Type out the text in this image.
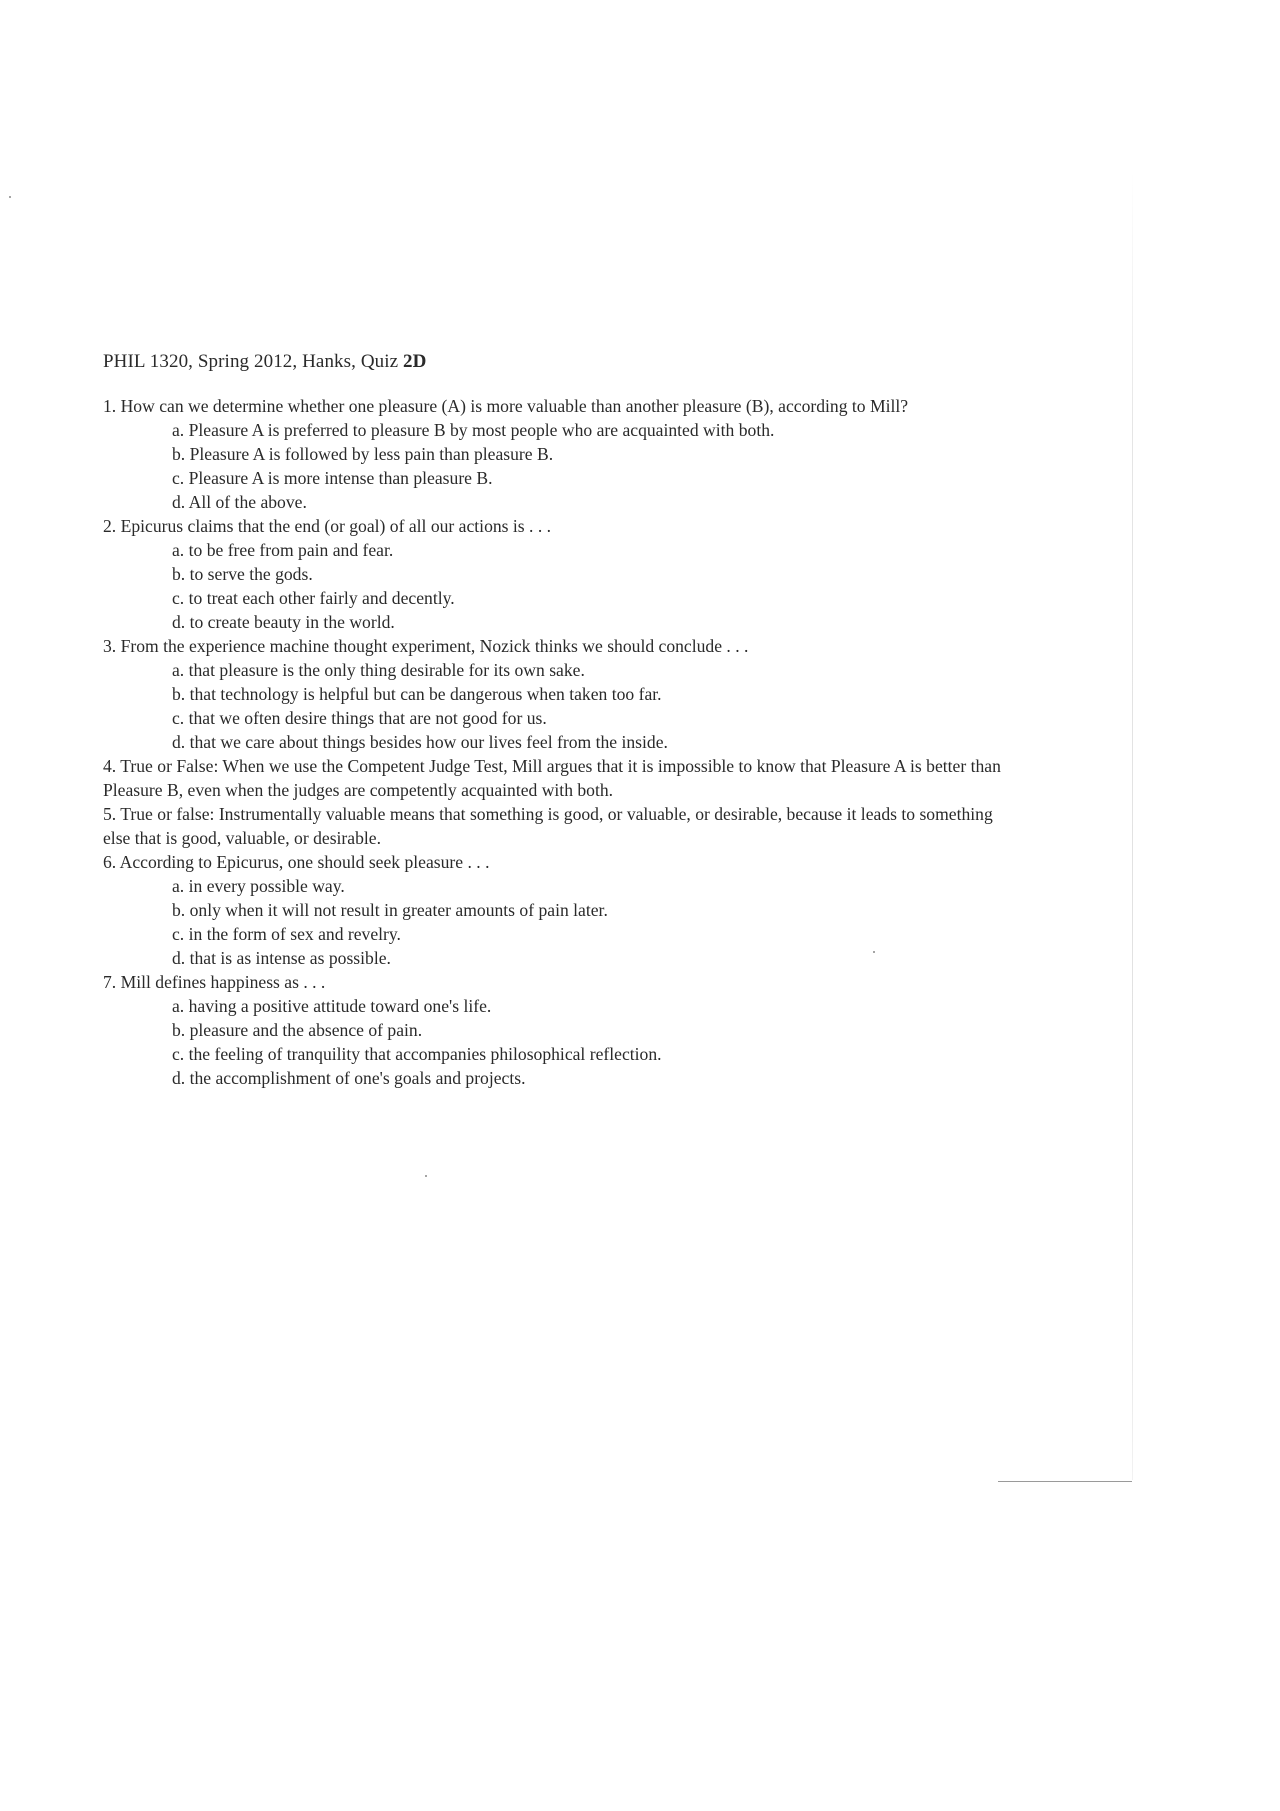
PHIL 1320, Spring 2012, Hanks, Quiz 2D

1. How can we determine whether one pleasure (A) is more valuable than another pleasure (B), according to Mill?

a. Pleasure A is preferred to pleasure B by most people who are acquainted with both.
b. Pleasure A is followed by less pain than pleasure B.
c. Pleasure A is more intense than pleasure B.
d. All of the above.

2. Epicurus claims that the end (or goal) of all our actions is . . .

a. to be free from pain and fear.
b. to serve the gods.
c. to treat each other fairly and decently.
d. to create beauty in the world.

3. From the experience machine thought experiment, Nozick thinks we should conclude . . .

a. that pleasure is the only thing desirable for its own sake.
b. that technology is helpful but can be dangerous when taken too far.
c. that we often desire things that are not good for us.
d. that we care about things besides how our lives feel from the inside.

4. True or False: When we use the Competent Judge Test, Mill argues that it is impossible to know that Pleasure A is better than Pleasure B, even when the judges are competently acquainted with both.

5. True or false: Instrumentally valuable means that something is good, or valuable, or desirable, because it leads to something else that is good, valuable, or desirable.

6. According to Epicurus, one should seek pleasure . . .

a. in every possible way.
b. only when it will not result in greater amounts of pain later.
c. in the form of sex and revelry.
d. that is as intense as possible.

7. Mill defines happiness as . . .

a. having a positive attitude toward one's life.
b. pleasure and the absence of pain.
c. the feeling of tranquility that accompanies philosophical reflection.
d. the accomplishment of one's goals and projects.
